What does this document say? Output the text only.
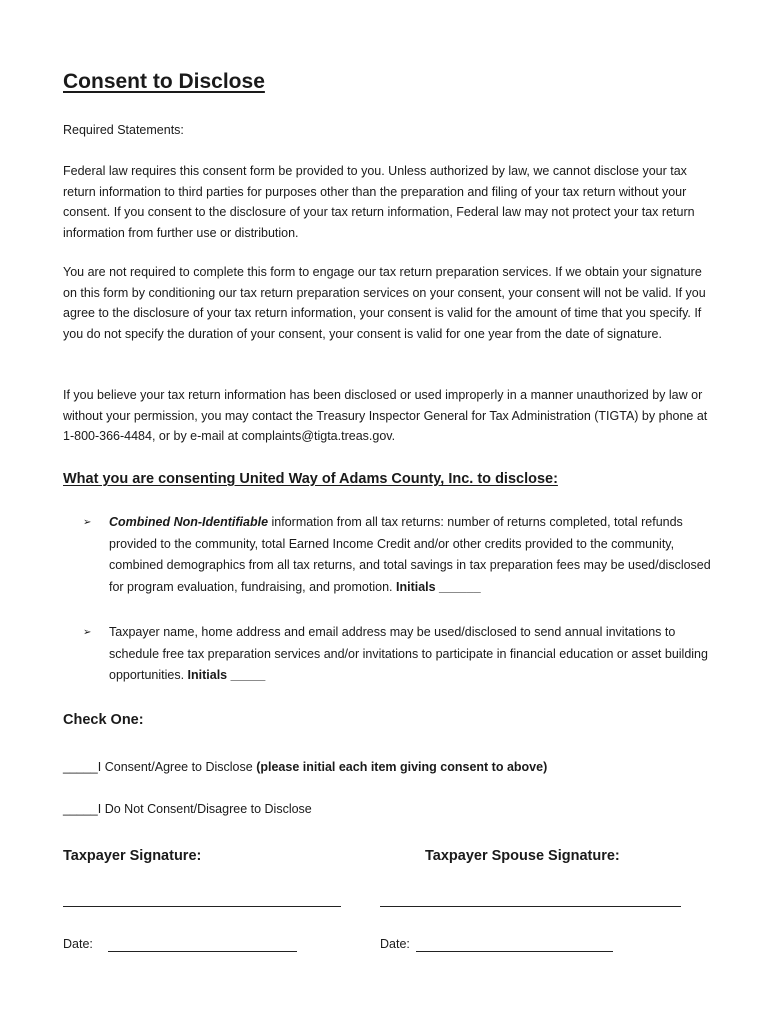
Consent to Disclose
Required Statements:

Federal law requires this consent form be provided to you. Unless authorized by law, we cannot disclose your tax return information to third parties for purposes other than the preparation and filing of your tax return without your consent. If you consent to the disclosure of your tax return information, Federal law may not protect your tax return information from further use or distribution.

You are not required to complete this form to engage our tax return preparation services. If we obtain your signature on this form by conditioning our tax return preparation services on your consent, your consent will not be valid. If you agree to the disclosure of your tax return information, your consent is valid for the amount of time that you specify. If you do not specify the duration of your consent, your consent is valid for one year from the date of signature.

If you believe your tax return information has been disclosed or used improperly in a manner unauthorized by law or without your permission, you may contact the Treasury Inspector General for Tax Administration (TIGTA) by phone at 1-800-366-4484, or by e-mail at complaints@tigta.treas.gov.

What you are consenting United Way of Adams County, Inc. to disclose:
➢ Combined Non-Identifiable information from all tax returns: number of returns completed, total refunds provided to the community, total Earned Income Credit and/or other credits provided to the community, combined demographics from all tax returns, and total savings in tax preparation fees may be used/disclosed for program evaluation, fundraising, and promotion. Initials ______

➢ Taxpayer name, home address and email address may be used/disclosed to send annual invitations to schedule free tax preparation services and/or invitations to participate in financial education or asset building opportunities. Initials _____

Check One:
_____I Consent/Agree to Disclose (please initial each item giving consent to above)
_____I Do Not Consent/Disagree to Disclose
Taxpayer Signature:	Taxpayer Spouse Signature:
Date:	Date:
